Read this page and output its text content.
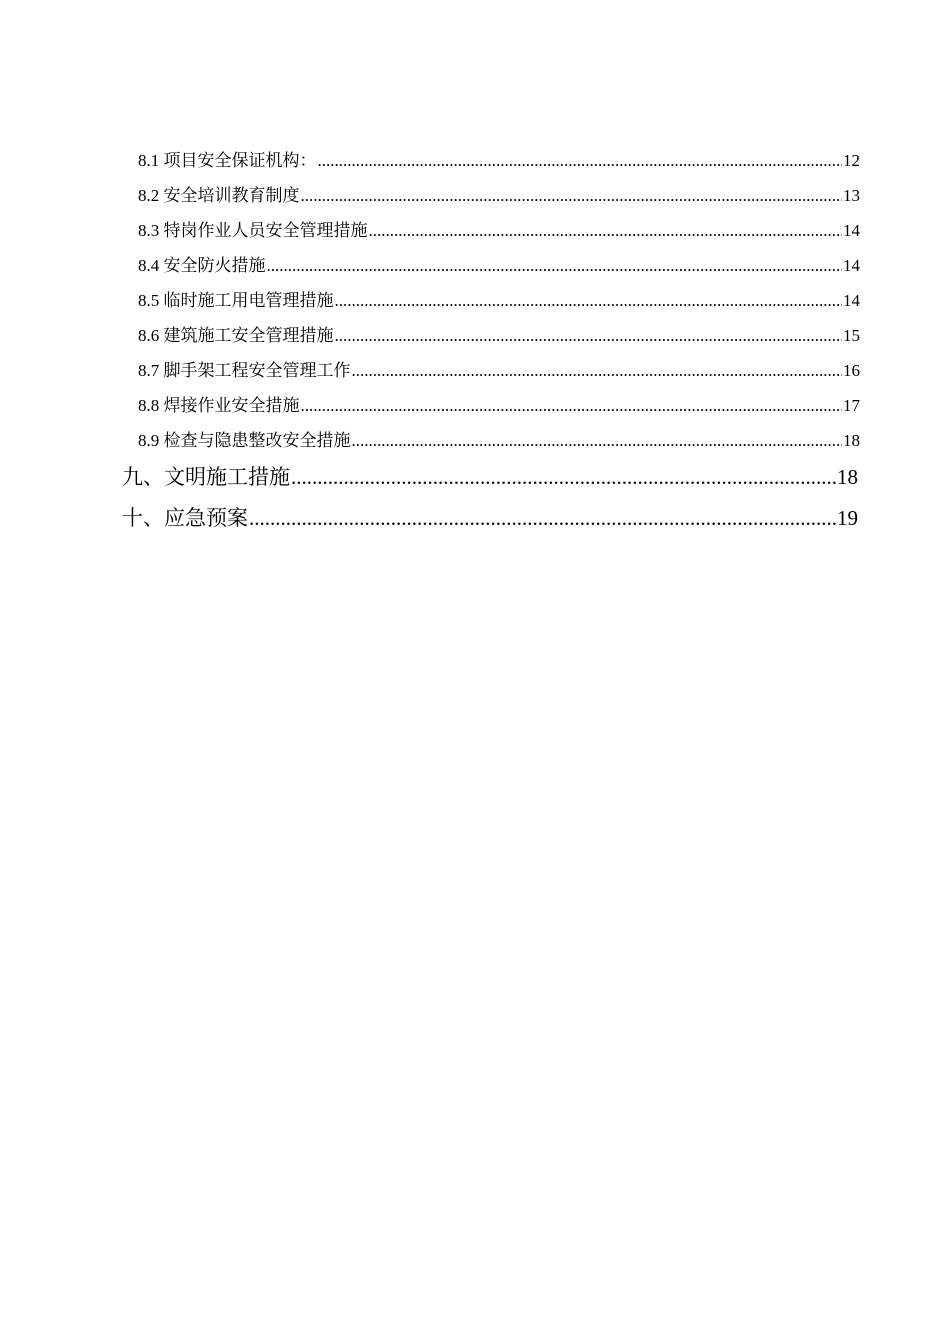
8.1 项目安全保证机构： .....	12
8.2 安全培训教育制度 .....	13
8.3 特岗作业人员安全管理措施 .....	14
8.4 安全防火措施 .....	14
8.5 临时施工用电管理措施 .....	14
8.6 建筑施工安全管理措施 .....	15
8.7 脚手架工程安全管理工作 .....	16
8.8 焊接作业安全措施 .....	17
8.9 检查与隐患整改安全措施 .....	18
九、文明施工措施 .....	18
十、应急预案 .....	19
